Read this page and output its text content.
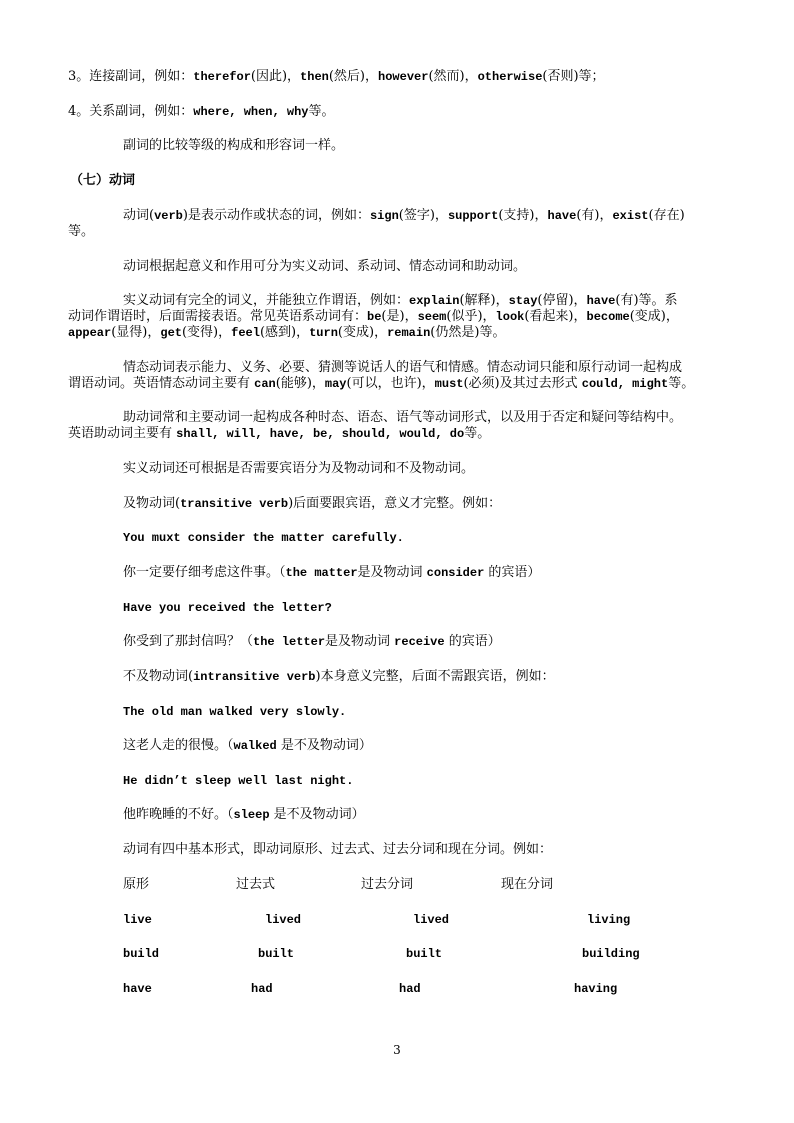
3。连接副词，例如：therefor(因此)，then(然后)，however(然而)，otherwise(否则)等；
4。关系副词，例如：where, when, why等。
副词的比较等级的构成和形容词一样。
（七）动词
动词(verb)是表示动作或状态的词，例如：sign(签字)，support(支持)，have(有)，exist(存在)
等。
动词根据起意义和作用可分为实义动词、系动词、情态动词和助动词。
实义动词有完全的词义，并能独立作谓语，例如：explain(解释)，stay(停留)，have(有)等。系
动词作谓语时，后面需接表语。常见英语系动词有：be(是)，seem(似乎)，look(看起来)，become(变成)，
appear(显得)，get(变得)，feel(感到)，turn(变成)，remain(仍然是)等。
情态动词表示能力、义务、必要、猜测等说话人的语气和情感。情态动词只能和原行动词一起构成
谓语动词。英语情态动词主要有 can(能够)，may(可以，也许)，must(必须)及其过去形式 could, might等。
助动词常和主要动词一起构成各种时态、语态、语气等动词形式，以及用于否定和疑问等结构中。
英语助动词主要有 shall, will, have, be, should, would, do等。
实义动词还可根据是否需要宾语分为及物动词和不及物动词。
及物动词(transitive verb)后面要跟宾语，意义才完整。例如：
You muxt consider the matter carefully.
你一定要仔细考虑这件事。（the matter是及物动词 consider 的宾语）
Have you received the letter?
你受到了那封信吗？（the letter是及物动词 receive 的宾语）
不及物动词(intransitive verb)本身意义完整，后面不需跟宾语，例如：
The old man walked very slowly.
这老人走的很慢。（walked 是不及物动词）
He didn’t sleep well last night.
他昨晚睡的不好。（sleep 是不及物动词）
动词有四中基本形式，即动词原形、过去式、过去分词和现在分词。例如：
原形	过去式	过去分词	现在分词
live	lived	lived	living
build	built	built	building
have	had	had	having
3
